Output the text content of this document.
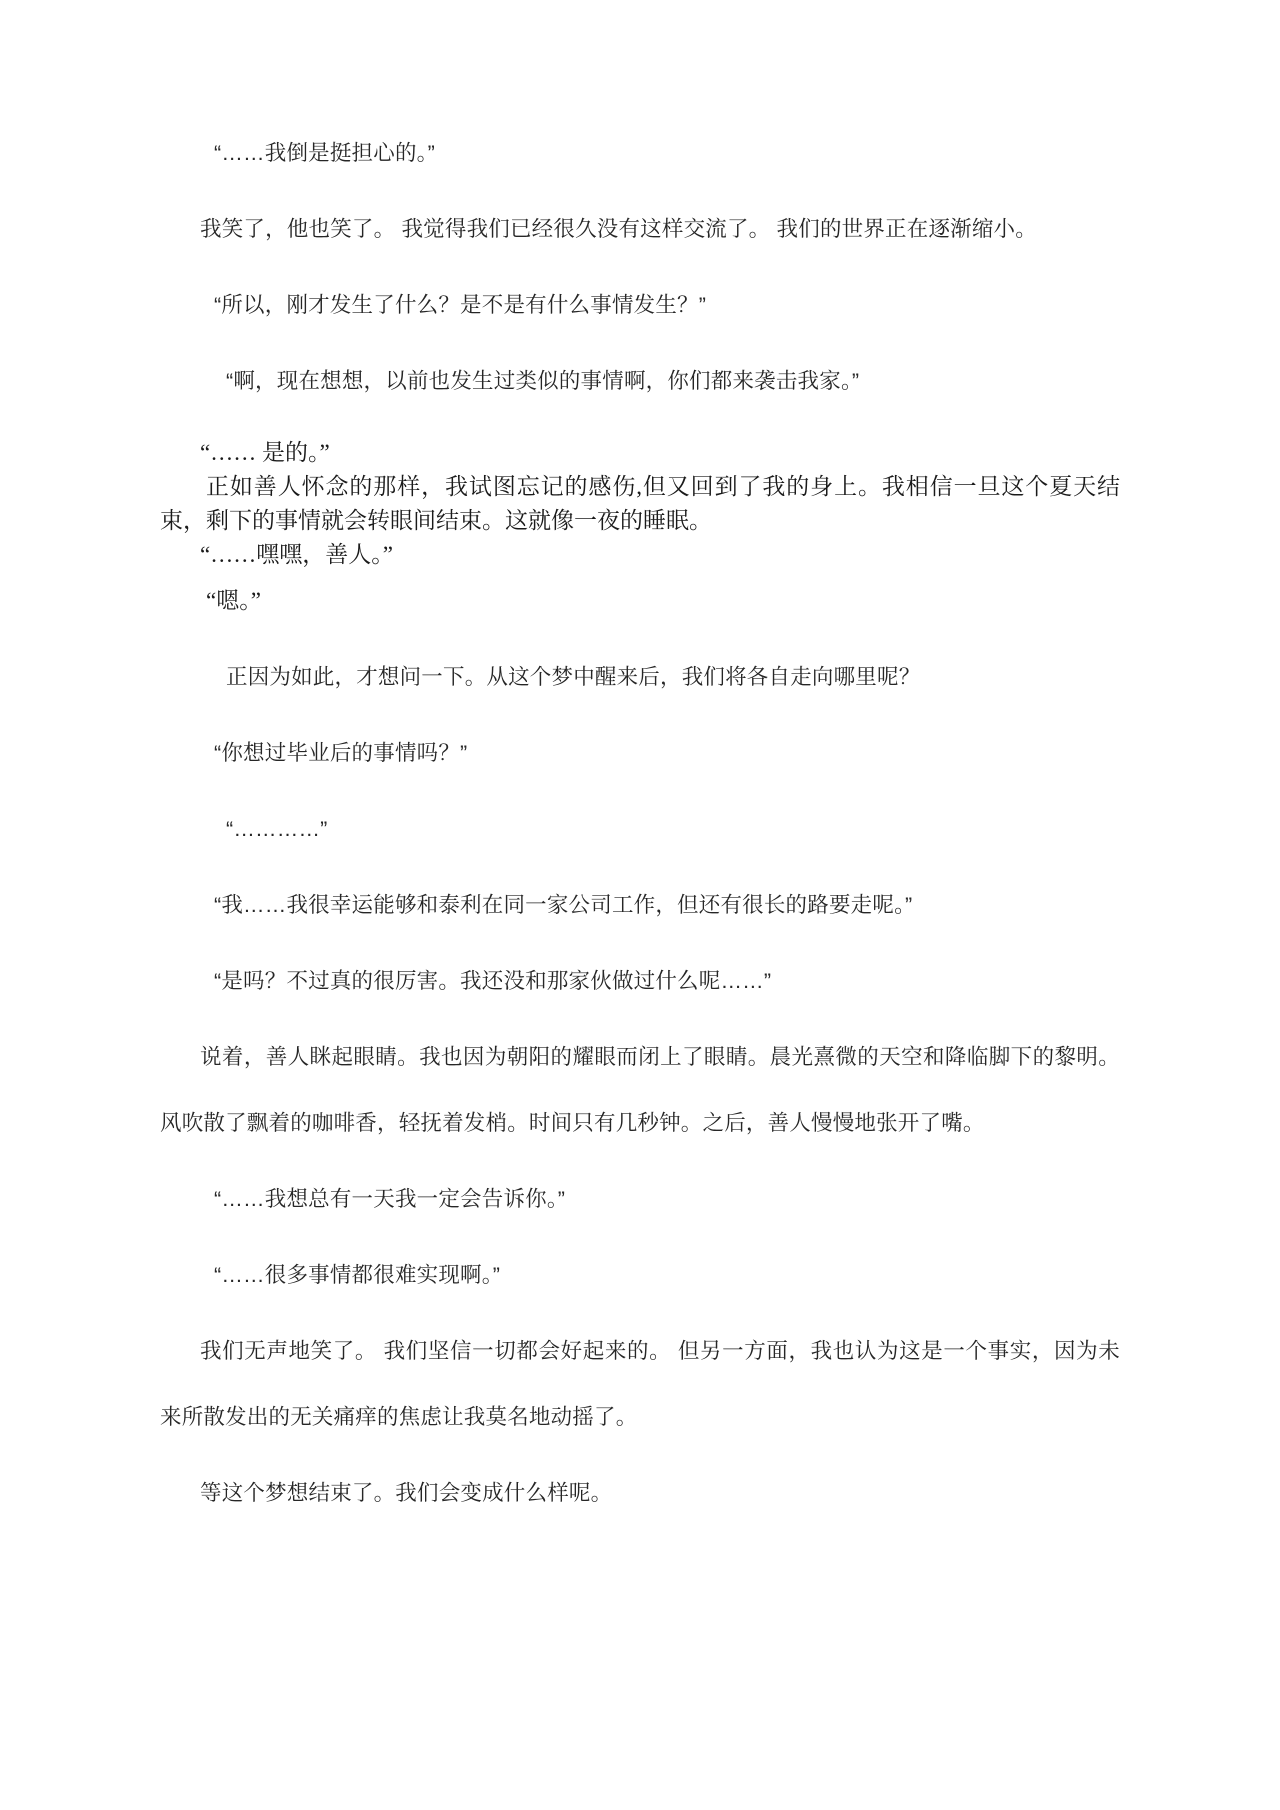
“……我倒是挺担心的。”

我笑了，他也笑了。 我觉得我们已经很久没有这样交流了。 我们的世界正在逐渐缩小。

“所以，刚才发生了什么？是不是有什么事情发生？”

“啊，现在想想，以前也发生过类似的事情啊，你们都来袭击我家。”

“…… 是的。”

正如善人怀念的那样，我试图忘记的感伤,但又回到了我的身上。我相信一旦这个夏天结束，剩下的事情就会转眼间结束。这就像一夜的睡眠。

“……嘿嘿，善人。”

“嗯。”

正因为如此，才想问一下。从这个梦中醒来后，我们将各自走向哪里呢？

“你想过毕业后的事情吗？”

“…………”

“我……我很幸运能够和泰利在同一家公司工作，但还有很长的路要走呢。”

“是吗？不过真的很厉害。我还没和那家伙做过什么呢……”

说着，善人眯起眼睛。我也因为朝阳的耀眼而闭上了眼睛。晨光熹微的天空和降临脚下的黎明。风吹散了飘着的咖啡香，轻抚着发梢。时间只有几秒钟。之后，善人慢慢地张开了嘴。

“……我想总有一天我一定会告诉你。”

“……很多事情都很难实现啊。”

我们无声地笑了。 我们坚信一切都会好起来的。 但另一方面，我也认为这是一个事实，因为未来所散发出的无关痛痒的焦虑让我莫名地动摇了。

等这个梦想结束了。我们会变成什么样呢。
